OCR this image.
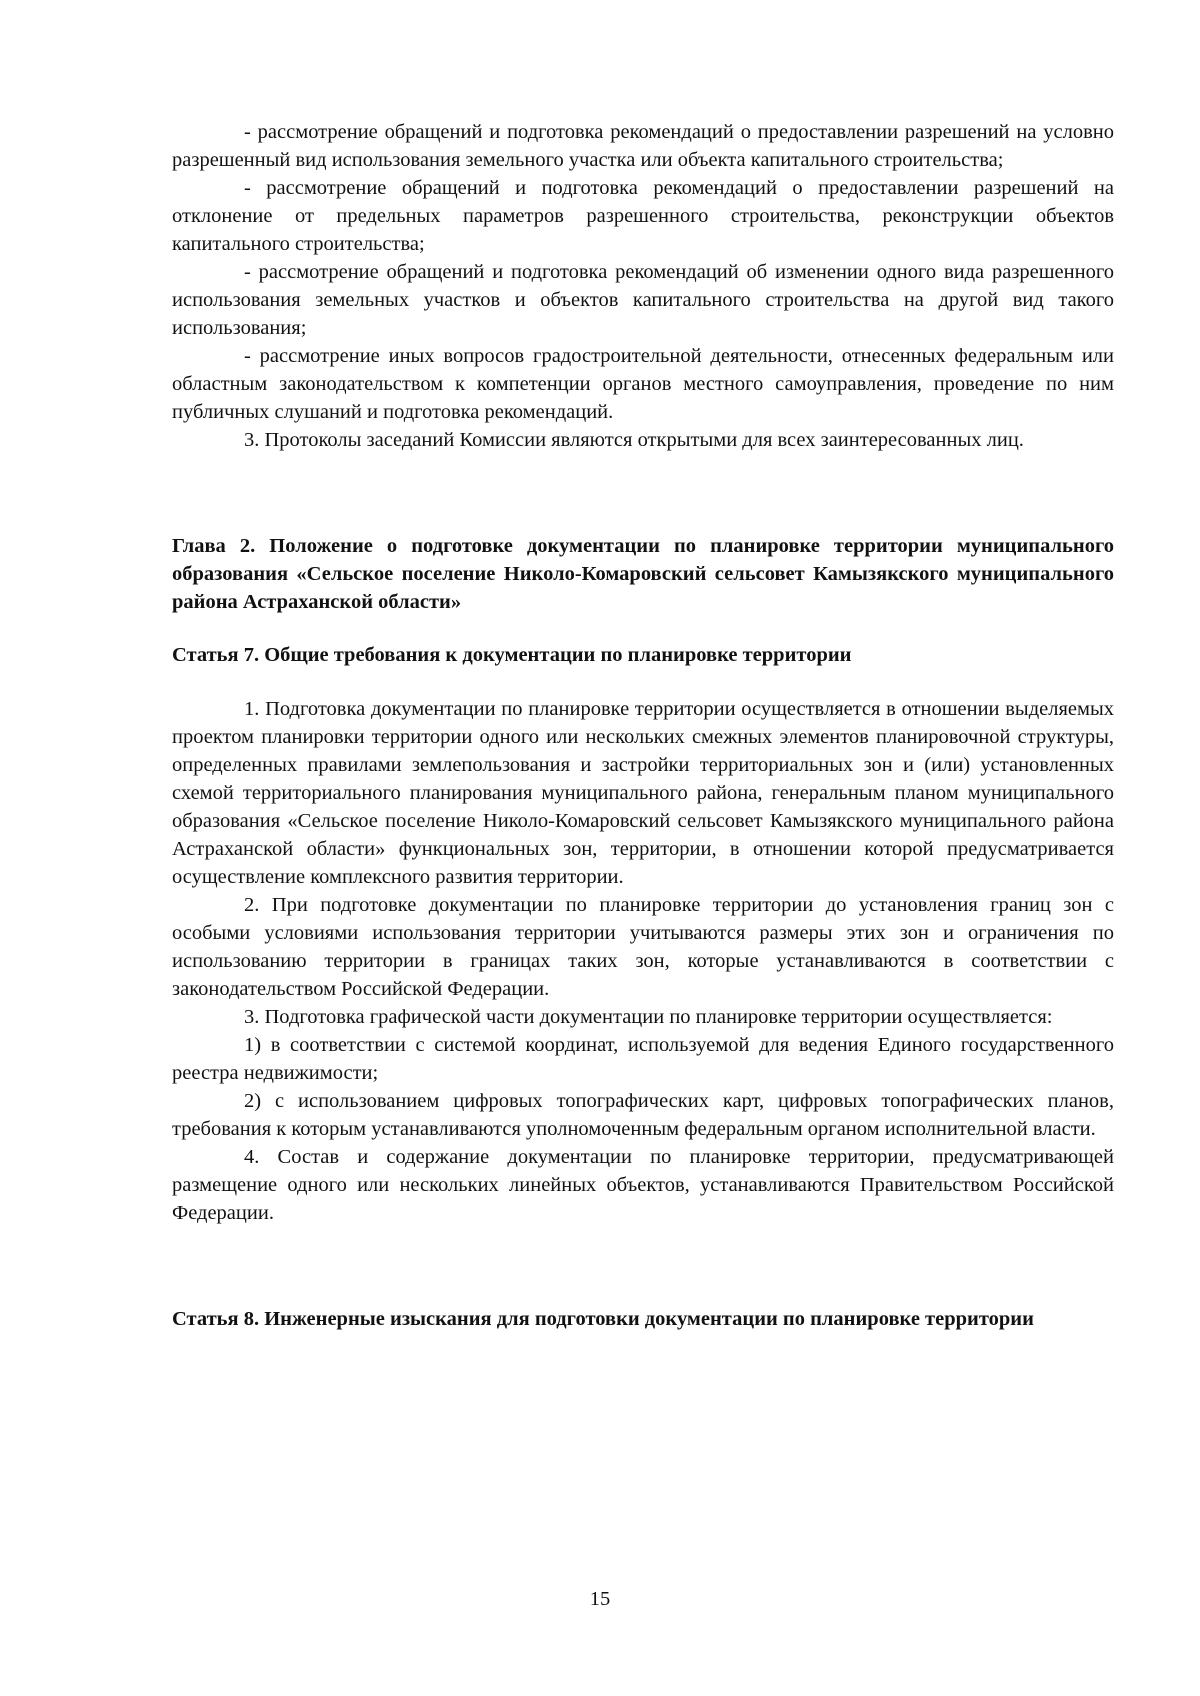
- рассмотрение обращений и подготовка рекомендаций о предоставлении разрешений на условно разрешенный вид использования земельного участка или объекта капитального строительства;

- рассмотрение обращений и подготовка рекомендаций о предоставлении разрешений на отклонение от предельных параметров разрешенного строительства, реконструкции объектов капитального строительства;

- рассмотрение обращений и подготовка рекомендаций об изменении одного вида разрешенного использования земельных участков и объектов капитального строительства на другой вид такого использования;

- рассмотрение иных вопросов градостроительной деятельности, отнесенных федеральным или областным законодательством к компетенции органов местного самоуправления, проведение по ним публичных слушаний и подготовка рекомендаций.

3. Протоколы заседаний Комиссии являются открытыми для всех заинтересованных лиц.

Глава 2. Положение о подготовке документации по планировке территории муниципального образования «Сельское поселение Николо-Комаровский сельсовет Камызякского муниципального района Астраханской области»
Статья 7. Общие требования к документации по планировке территории

1. Подготовка документации по планировке территории осуществляется в отношении выделяемых проектом планировки территории одного или нескольких смежных элементов планировочной структуры, определенных правилами землепользования и застройки территориальных зон и (или) установленных схемой территориального планирования муниципального района, генеральным планом муниципального образования «Сельское поселение Николо-Комаровский сельсовет Камызякского муниципального района Астраханской области» функциональных зон, территории, в отношении которой предусматривается осуществление комплексного развития территории.

2. При подготовке документации по планировке территории до установления границ зон с особыми условиями использования территории учитываются размеры этих зон и ограничения по использованию территории в границах таких зон, которые устанавливаются в соответствии с законодательством Российской Федерации.

3. Подготовка графической части документации по планировке территории осуществляется:

1) в соответствии с системой координат, используемой для ведения Единого государственного реестра недвижимости;

2) с использованием цифровых топографических карт, цифровых топографических планов, требования к которым устанавливаются уполномоченным федеральным органом исполнительной власти.

4. Состав и содержание документации по планировке территории, предусматривающей размещение одного или нескольких линейных объектов, устанавливаются Правительством Российской Федерации.

Статья 8. Инженерные изыскания для подготовки документации по планировке территории
15
